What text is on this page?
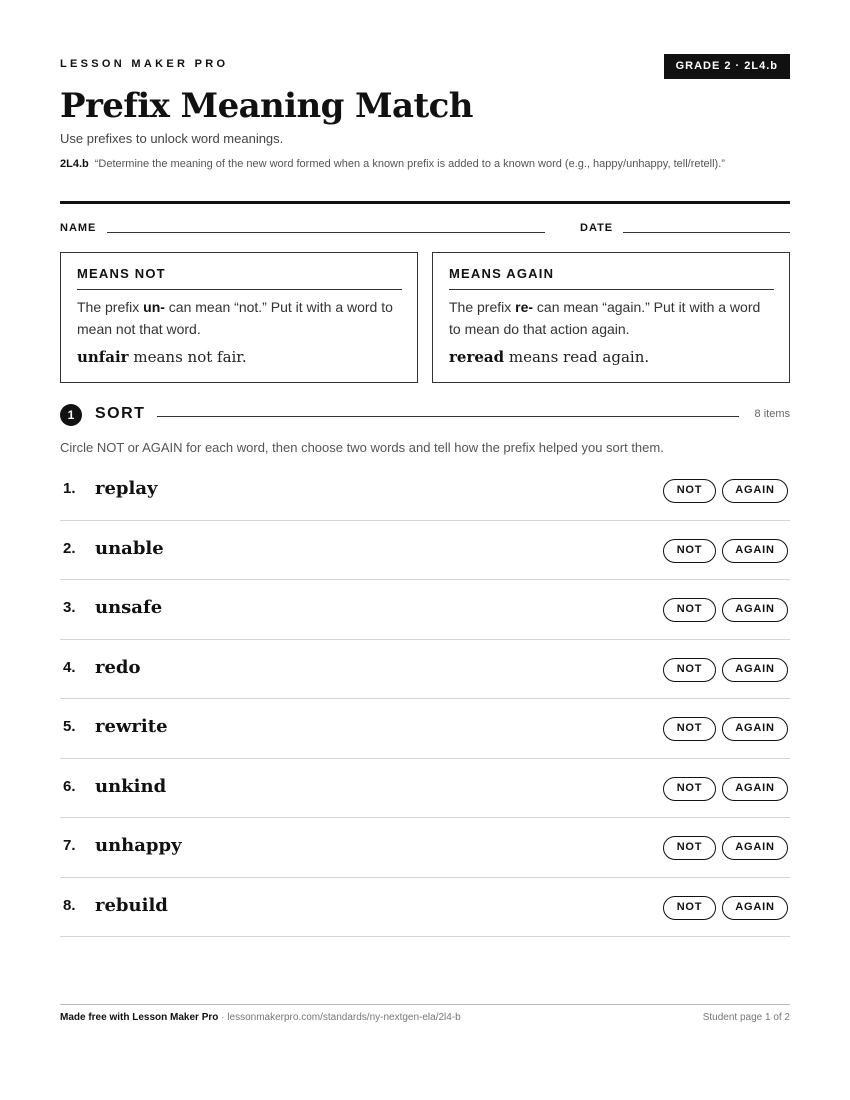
LESSON MAKER PRO	GRADE 2 · 2L4.b
Prefix Meaning Match
Use prefixes to unlock word meanings.
2L4.b “Determine the meaning of the new word formed when a known prefix is added to a known word (e.g., happy/unhappy, tell/retell).”
NAME	DATE
MEANS NOT
The prefix un- can mean “not.” Put it with a word to mean not that word.
unfair means not fair.
MEANS AGAIN
The prefix re- can mean “again.” Put it with a word to mean do that action again.
reread means read again.
1	SORT	8 items
Circle NOT or AGAIN for each word, then choose two words and tell how the prefix helped you sort them.
1. replay	NOT	AGAIN
2. unable	NOT	AGAIN
3. unsafe	NOT	AGAIN
4. redo	NOT	AGAIN
5. rewrite	NOT	AGAIN
6. unkind	NOT	AGAIN
7. unhappy	NOT	AGAIN
8. rebuild	NOT	AGAIN
Made free with Lesson Maker Pro · lessonmakerpro.com/standards/ny-nextgen-ela/2l4-b	Student page 1 of 2
